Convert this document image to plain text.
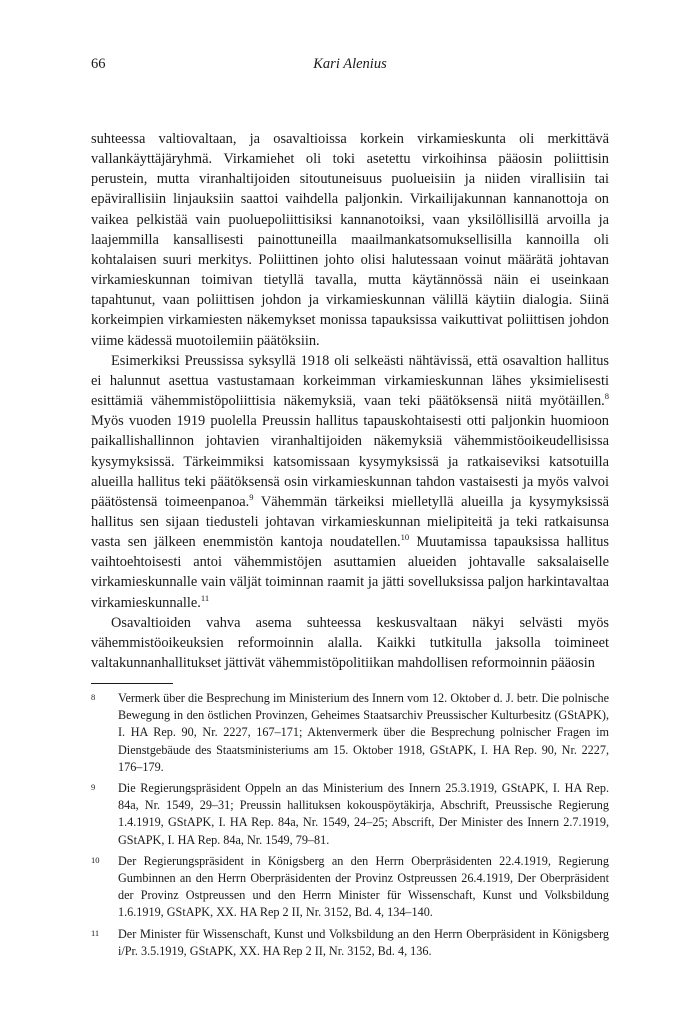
66	Kari Alenius

suhteessa valtiovaltaan, ja osavaltioissa korkein virkamieskunta oli merkittävä vallankäyttäjäryhmä. Virkamiehet oli toki asetettu virkoihinsa pääosin poliittisin perustein, mutta viranhaltijoiden sitoutuneisuus puolueisiin ja niiden virallisiin tai epävirallisiin linjauksiin saattoi vaihdella paljonkin. Virkailijakunnan kannanottoja on vaikea pelkistää vain puoluepoliittisiksi kannanotoiksi, vaan yksilöllisillä arvoilla ja laajemmilla kansallisesti painottuneilla maailmankatsomuksellisilla kannoilla oli kohtalaisen suuri merkitys. Poliittinen johto olisi halutessaan voinut määrätä johtavan virkamieskunnan toimivan tietyllä tavalla, mutta käytännössä näin ei useinkaan tapahtunut, vaan poliittisen johdon ja virkamieskunnan välillä käytiin dialogia. Siinä korkeimpien virkamiesten näkemykset monissa tapauksissa vaikuttivat poliittisen johdon viime kädessä muotoilemiin päätöksiin.

Esimerkiksi Preussissa syksyllä 1918 oli selkeästi nähtävissä, että osavaltion hallitus ei halunnut asettua vastustamaan korkeimman virkamieskunnan lähes yksimielisesti esittämiä vähemmistöpoliittisia näkemyksiä, vaan teki päätöksensä niitä myötäillen.$^8$ Myös vuoden 1919 puolella Preussin hallitus tapauskohtaisesti otti paljonkin huomioon paikallishallinnon johtavien viranhaltijoiden näkemyksiä vähemmistöoikeudellisissa kysymyksissä. Tärkeimmiksi katsomissaan kysymyksissä ja ratkaiseviksi katsotuilla alueilla hallitus teki päätöksensä osin virkamieskunnan tahdon vastaisesti ja myös valvoi päätöstensä toimeenpanoa.$^9$ Vähemmän tärkeiksi mielletyllä alueilla ja kysymyksissä hallitus sen sijaan tiedusteli johtavan virkamieskunnan mielipiteitä ja teki ratkaisunsa vasta sen jälkeen enemmistön kantoja noudatellen.$^{10}$ Muutamissa tapauksissa hallitus vaihtoehtoisesti antoi vähemmistöjen asuttamien alueiden johtavalle saksalaiselle virkamieskunnalle vain väljät toiminnan raamit ja jätti sovelluksissa paljon harkintavaltaa virkamieskunnalle.$^{11}$

Osavaltioiden vahva asema suhteessa keskusvaltaan näkyi selvästi myös vähemmistöoikeuksien reformoinnin alalla. Kaikki tutkitulla jaksolla toimineet valtakunnanhallitukset jättivät vähemmistöpolitiikan mahdollisen reformoinnin pääosin

8 Vermerk über die Besprechung im Ministerium des Innern vom 12. Oktober d. J. betr. Die polnische Bewegung in den östlichen Provinzen, Geheimes Staatsarchiv Preussischer Kulturbesitz (GStAPK), I. HA Rep. 90, Nr. 2227, 167–171; Aktenvermerk über die Besprechung polnischer Fragen im Dienstgebäude des Staatsministeriums am 15. Oktober 1918, GStAPK, I. HA Rep. 90, Nr. 2227, 176–179.
9 Die Regierungspräsident Oppeln an das Ministerium des Innern 25.3.1919, GStAPK, I. HA Rep. 84a, Nr. 1549, 29–31; Preussin hallituksen kokouspöytäkirja, Abschrift, Preussische Regierung 1.4.1919, GStAPK, I. HA Rep. 84a, Nr. 1549, 24–25; Abscrift, Der Minister des Innern 2.7.1919, GStAPK, I. HA Rep. 84a, Nr. 1549, 79–81.
10 Der Regierungspräsident in Königsberg an den Herrn Oberpräsidenten 22.4.1919, Regierung Gumbinnen an den Herrn Oberpräsidenten der Provinz Ostpreussen 26.4.1919, Der Oberpräsident der Provinz Ostpreussen und den Herrn Minister für Wissenschaft, Kunst und Volksbildung 1.6.1919, GStAPK, XX. HA Rep 2 II, Nr. 3152, Bd. 4, 134–140.
11 Der Minister für Wissenschaft, Kunst und Volksbildung an den Herrn Oberpräsident in Königsberg i/Pr. 3.5.1919, GStAPK, XX. HA Rep 2 II, Nr. 3152, Bd. 4, 136.
